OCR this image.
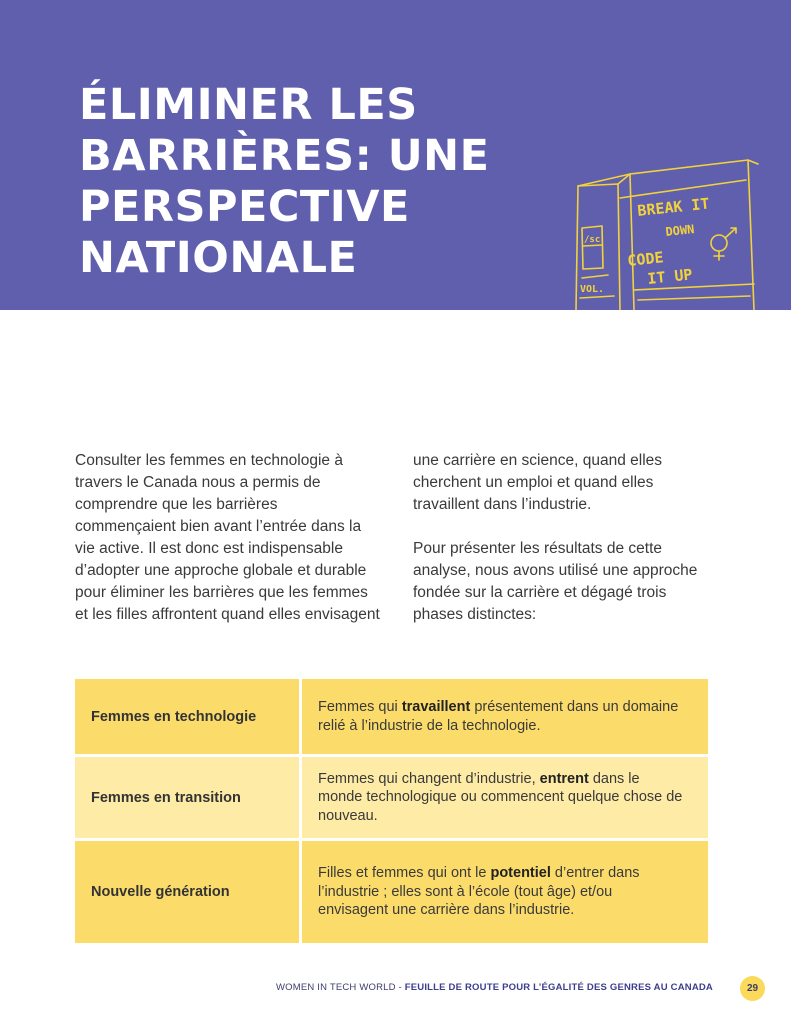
ÉLIMINER LES
BARRIÈRES: UNE
PERSPECTIVE
NATIONALE
BREAK IT
DOWN
CODE
IT UP
/sc
VOL.

Consulter les femmes en technologie à travers le Canada nous a permis de comprendre que les barrières commençaient bien avant l’entrée dans la vie active. Il est donc est indispensable d’adopter une approche globale et durable pour éliminer les barrières que les femmes et les filles affrontent quand elles envisagent

une carrière en science, quand elles cherchent un emploi et quand elles travaillent dans l’industrie.

Pour présenter les résultats de cette analyse, nous avons utilisé une approche fondée sur la carrière et dégagé trois phases distinctes:

Femmes en technologie
Femmes qui travaillent présentement dans un domaine relié à l’industrie de la technologie.
Femmes en transition
Femmes qui changent d’industrie, entrent dans le monde technologique ou commencent quelque chose de nouveau.
Nouvelle génération
Filles et femmes qui ont le potentiel d’entrer dans l’industrie ; elles sont à l’école (tout âge) et/ou envisagent une carrière dans l’industrie.
WOMEN IN TECH WORLD - FEUILLE DE ROUTE POUR L’ÉGALITÉ DES GENRES AU CANADA	29
